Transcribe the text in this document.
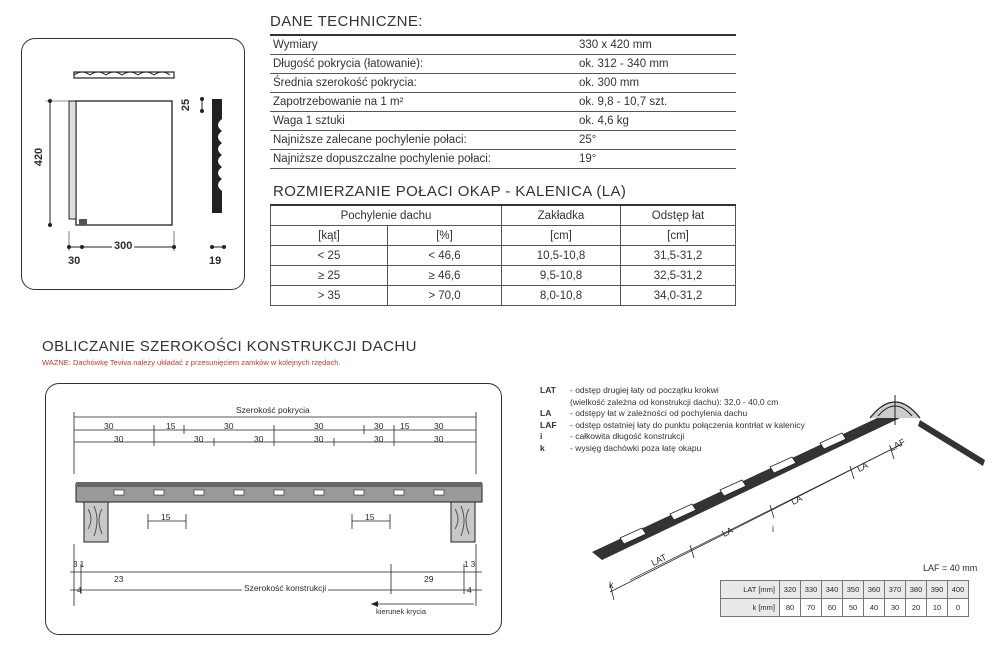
420
300
30
25
19
DANE TECHNICZNE:
Wymiary	330 x 420 mm
Długość pokrycia (łatowanie):	ok. 312 - 340 mm
Średnia szerokość pokrycia:	ok. 300 mm
Zapotrzebowanie na 1 m²	ok. 9,8 - 10,7 szt.
Waga 1 sztuki	ok. 4,6 kg
Najniższe zalecane pochylenie połaci:	25°
Najniższe dopuszczalne pochylenie połaci:	19°
ROZMIERZANIE POŁACI OKAP - KALENICA (LA)
Pochylenie dachu		Zakładka	Odstęp łat
[kąt]	[%]	[cm]	[cm]
< 25	< 46,6	10,5-10,8	31,5-31,2
≥ 25	≥ 46,6	9,5-10,8	32,5-31,2
> 35	> 70,0	8,0-10,8	34,0-31,2
OBLICZANIE SZEROKOŚCI KONSTRUKCJI DACHU
WAŻNE: Dachówkę Teviva należy układać z przesunięciem zamków w kolejnych rzędach.
Szerokość pokrycia
30	15	30	30	30 15	30
30	30	30	30	30	30
15	15
3 1
23	29
1 3
4	4
Szerokość konstrukcji
kierunek krycia
LAT - odstęp drugiej łaty od początku krokwi
(wielkość zależna od konstrukcji dachu): 32,0 - 40,0 cm
LA - odstępy łat w zależności od pochylenia dachu
LAF - odstęp ostatniej łaty do punktu połączenia kontrłat w kalenicy
i	- całkowita długość konstrukcji
k	- wysięg dachówki poza łatę okapu
LAT
LA
LA
LA
LAF
i
k
LAF = 40 mm
LAT [mm]	320	330	340	350	360	370	380	390	400
k [mm]	80	70	60	50	40	30	20	10	0
